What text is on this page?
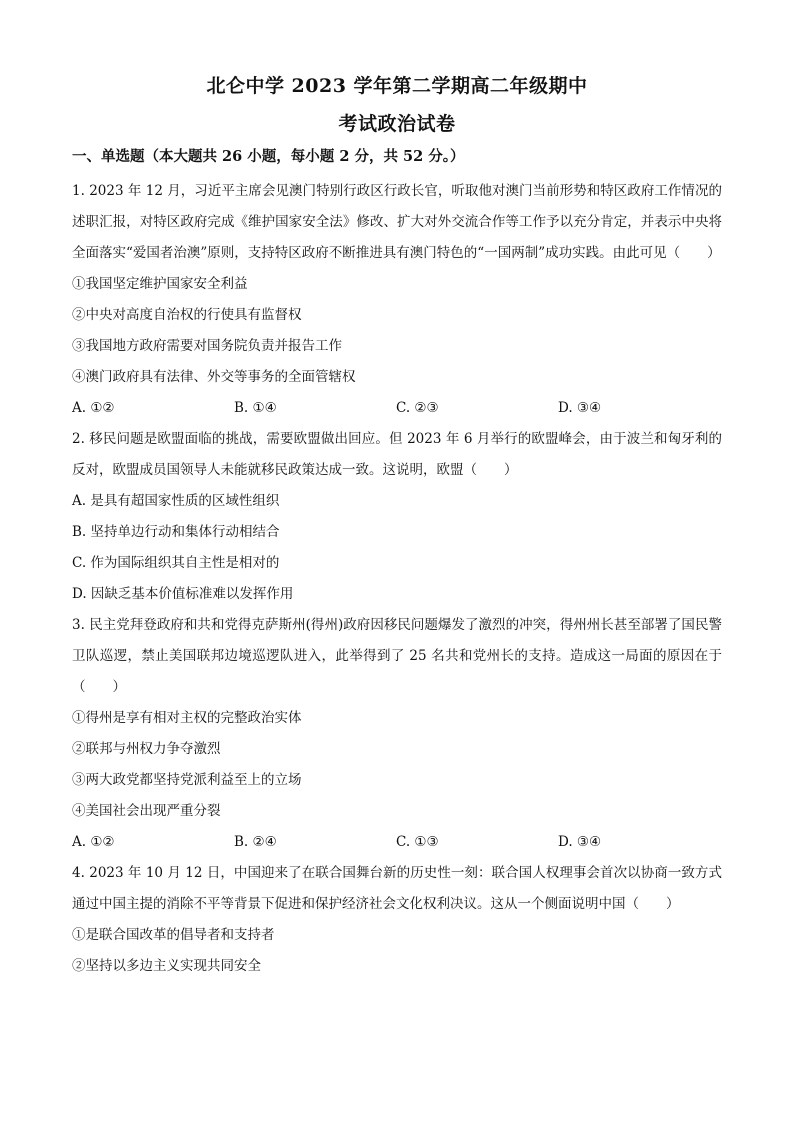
北仑中学 2023 学年第二学期高二年级期中
考试政治试卷
一、单选题（本大题共 26 小题，每小题 2 分，共 52 分。）
1. 2023 年 12 月，习近平主席会见澳门特别行政区行政长官，听取他对澳门当前形势和特区政府工作情况的述职汇报，对特区政府完成《维护国家安全法》修改、扩大对外交流合作等工作予以充分肯定，并表示中央将全面落实“爱国者治澳”原则，支持特区政府不断推进具有澳门特色的“一国两制”成功实践。由此可见（　　）
①我国坚定维护国家安全利益
②中央对高度自治权的行使具有监督权
③我国地方政府需要对国务院负责并报告工作
④澳门政府具有法律、外交等事务的全面管辖权
A. ①②	B. ①④	C. ②③	D. ③④
2. 移民问题是欧盟面临的挑战，需要欧盟做出回应。但 2023 年 6 月举行的欧盟峰会，由于波兰和匈牙利的反对，欧盟成员国领导人未能就移民政策达成一致。这说明，欧盟（　　）
A. 是具有超国家性质的区域性组织
B. 坚持单边行动和集体行动相结合
C. 作为国际组织其自主性是相对的
D. 因缺乏基本价值标准难以发挥作用
3. 民主党拜登政府和共和党得克萨斯州(得州)政府因移民问题爆发了激烈的冲突，得州州长甚至部署了国民警卫队巡逻，禁止美国联邦边境巡逻队进入，此举得到了 25 名共和党州长的支持。造成这一局面的原因在于（　　）
①得州是享有相对主权的完整政治实体
②联邦与州权力争夺激烈
③两大政党都坚持党派利益至上的立场
④美国社会出现严重分裂
A. ①②	B. ②④	C. ①③	D. ③④
4. 2023 年 10 月 12 日，中国迎来了在联合国舞台新的历史性一刻：联合国人权理事会首次以协商一致方式通过中国主提的消除不平等背景下促进和保护经济社会文化权利决议。这从一个侧面说明中国（　　）
①是联合国改革的倡导者和支持者
②坚持以多边主义实现共同安全
